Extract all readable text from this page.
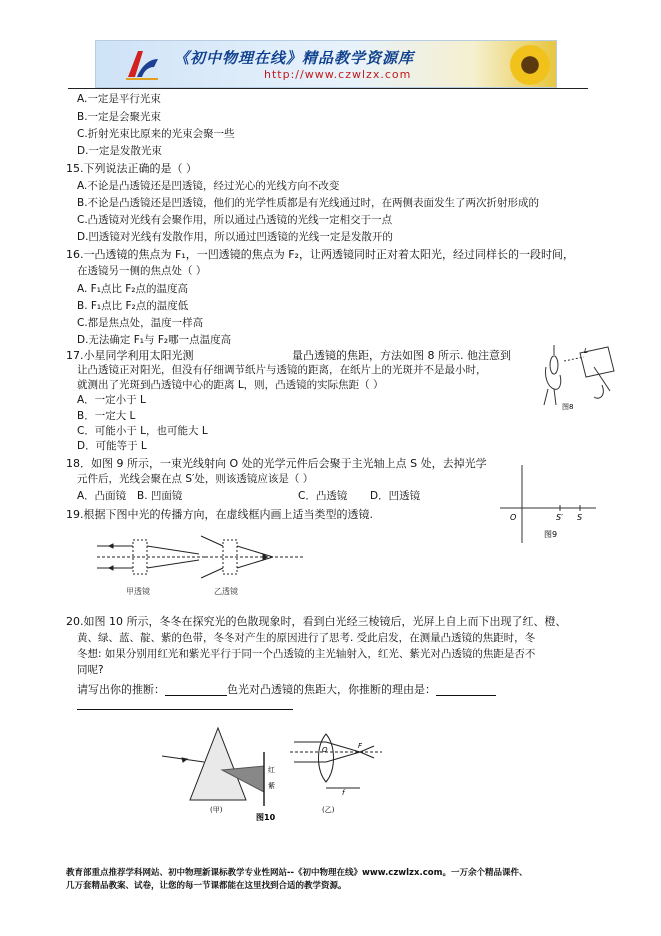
《初中物理在线》精品教学资源库
http://www.czwlzx.com
A.一定是平行光束
B.一定是会聚光束
C.折射光束比原来的光束会聚一些
D.一定是发散光束
15.下列说法正确的是（ ）
A.不论是凸透镜还是凹透镜，经过光心的光线方向不改变
B.不论是凸透镜还是凹透镜，他们的光学性质都是有光线通过时，在两侧表面发生了两次折射形成的
C.凸透镜对光线有会聚作用，所以通过凸透镜的光线一定相交于一点
D.凹透镜对光线有发散作用，所以通过凹透镜的光线一定是发散开的
16.一凸透镜的焦点为 F₁，一凹透镜的焦点为 F₂，让两透镜同时正对着太阳光，经过同样长的一段时间，
在透镜另一侧的焦点处（ ）
A. F₁点比 F₂点的温度高
B. F₁点比 F₂点的温度低
C.都是焦点处，温度一样高
D.无法确定 F₁与 F₂哪一点温度高
17.小星同学利用太阳光测	量凸透镜的焦距，方法如图 8 所示. 他注意到
让凸透镜正对阳光，但没有仔细调节纸片与透镜的距离，在纸片上的光斑并不是最小时，
就测出了光斑到凸透镜中心的距离 L，则，凸透镜的实际焦距（ ）
A．一定小于 L
B．一定大 L
C．可能小于 L，也可能大 L
D．可能等于 L
L
图8
18．如图 9 所示，一束光线射向 O 处的光学元件后会聚于主光轴上点 S 处，去掉光学
元件后，光线会聚在点 S′处，则该透镜应该是（ ）
A．凸面镜 B. 凹面镜	C．凸透镜 D．凹透镜
O	S′ S
图9
19.根据下图中光的传播方向，在虚线框内画上适当类型的透镜.
甲透镜	乙透镜
20.如图 10 所示，冬冬在探究光的色散现象时，看到白光经三棱镜后，光屏上自上而下出现了红、橙、
黄、绿、蓝、靛、紫的色带，冬冬对产生的原因进行了思考. 受此启发，在测量凸透镜的焦距时，冬
冬想: 如果分别用红光和紫光平行于同一个凸透镜的主光轴射入，红光、紫光对凸透镜的焦距是否不
同呢?
请写出你的推断：	色光对凸透镜的焦距大，你推断的理由是：
红
紫
O	F
f
(甲)	(乙)
图10
教育部重点推荐学科网站、初中物理新课标教学专业性网站--《初中物理在线》www.czwlzx.com。一万余个精品课件、
几万套精品教案、试卷，让您的每一节课都能在这里找到合适的教学资源。
